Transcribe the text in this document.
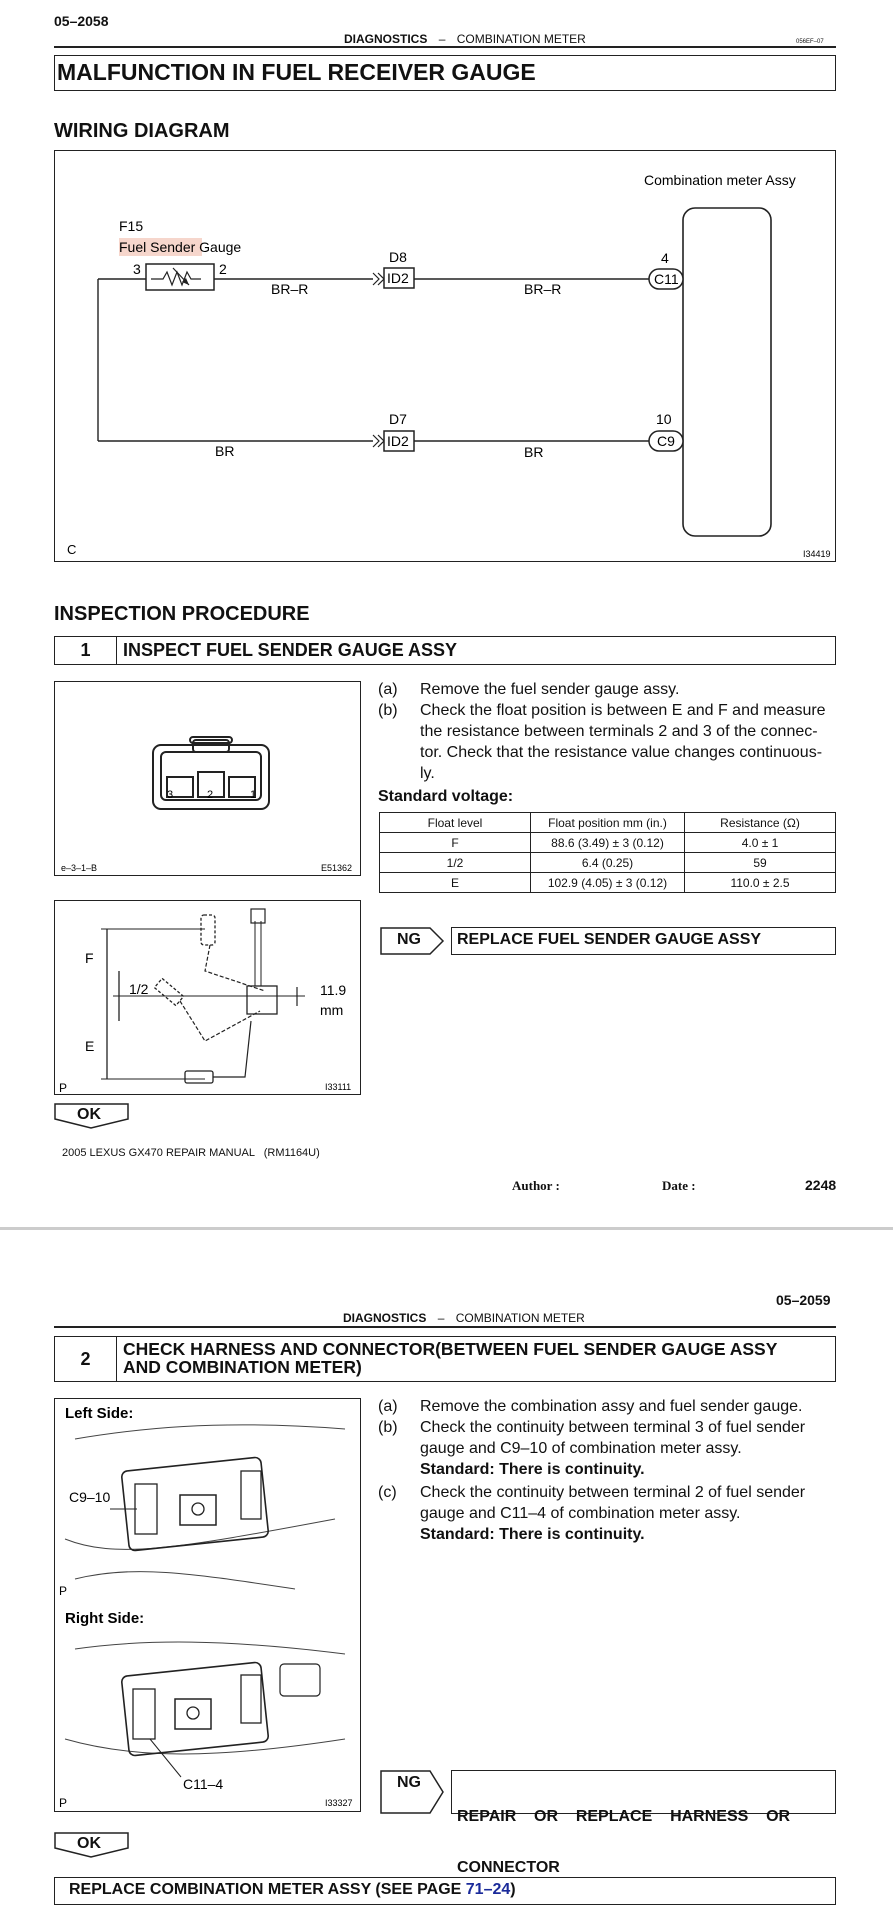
05–2058
DIAGNOSTICS – COMBINATION METER	056EF–07
MALFUNCTION IN FUEL RECEIVER GAUGE
WIRING DIAGRAM
Combination meter Assy
F15
Fuel Sender Gauge
3	2
ID2
D8
BR–R	BR–R
C11
4
BR
ID2
D7
BR
C9
10
C	I34419
INSPECTION PROCEDURE
1	INSPECT FUEL SENDER GAUGE ASSY
3	2	1
e–3–1–B	E51362
F
1/2
E
11.9
mm
P	I33111
(a) Remove the fuel sender gauge assy.
(b) Check the float position is between E and F and measure
the resistance between terminals 2 and 3 of the connec-
tor. Check that the resistance value changes continuous-
ly.
Standard voltage:
Float level	Float position mm (in.)	Resistance (Ω)
F	88.6 (3.49) ± 3 (0.12)	4.0 ± 1
1/2	6.4 (0.25)	59
E	102.9 (4.05) ± 3 (0.12)	110.0 ± 2.5
NG REPLACE FUEL SENDER GAUGE ASSY
OK
2005 LEXUS GX470 REPAIR MANUAL   (RM1164U)
Author :	Date :	2248
05–2059
DIAGNOSTICS – COMBINATION METER
2	CHECK HARNESS AND CONNECTOR(BETWEEN FUEL SENDER GAUGE ASSY
AND COMBINATION METER)
Left Side:
C9–10
P
Right Side:
C11–4
P	I33327
(a) Remove the combination assy and fuel sender gauge.
(b) Check the continuity between terminal 3 of fuel sender
gauge and C9–10 of combination meter assy.
Standard: There is continuity.
(c) Check the continuity between terminal 2 of fuel sender
gauge and C11–4 of combination meter assy.
Standard: There is continuity.
NG

REPAIR    OR    REPLACE    HARNESS    OR

CONNECTOR

OK
REPLACE COMBINATION METER ASSY (SEE PAGE 71–24)
